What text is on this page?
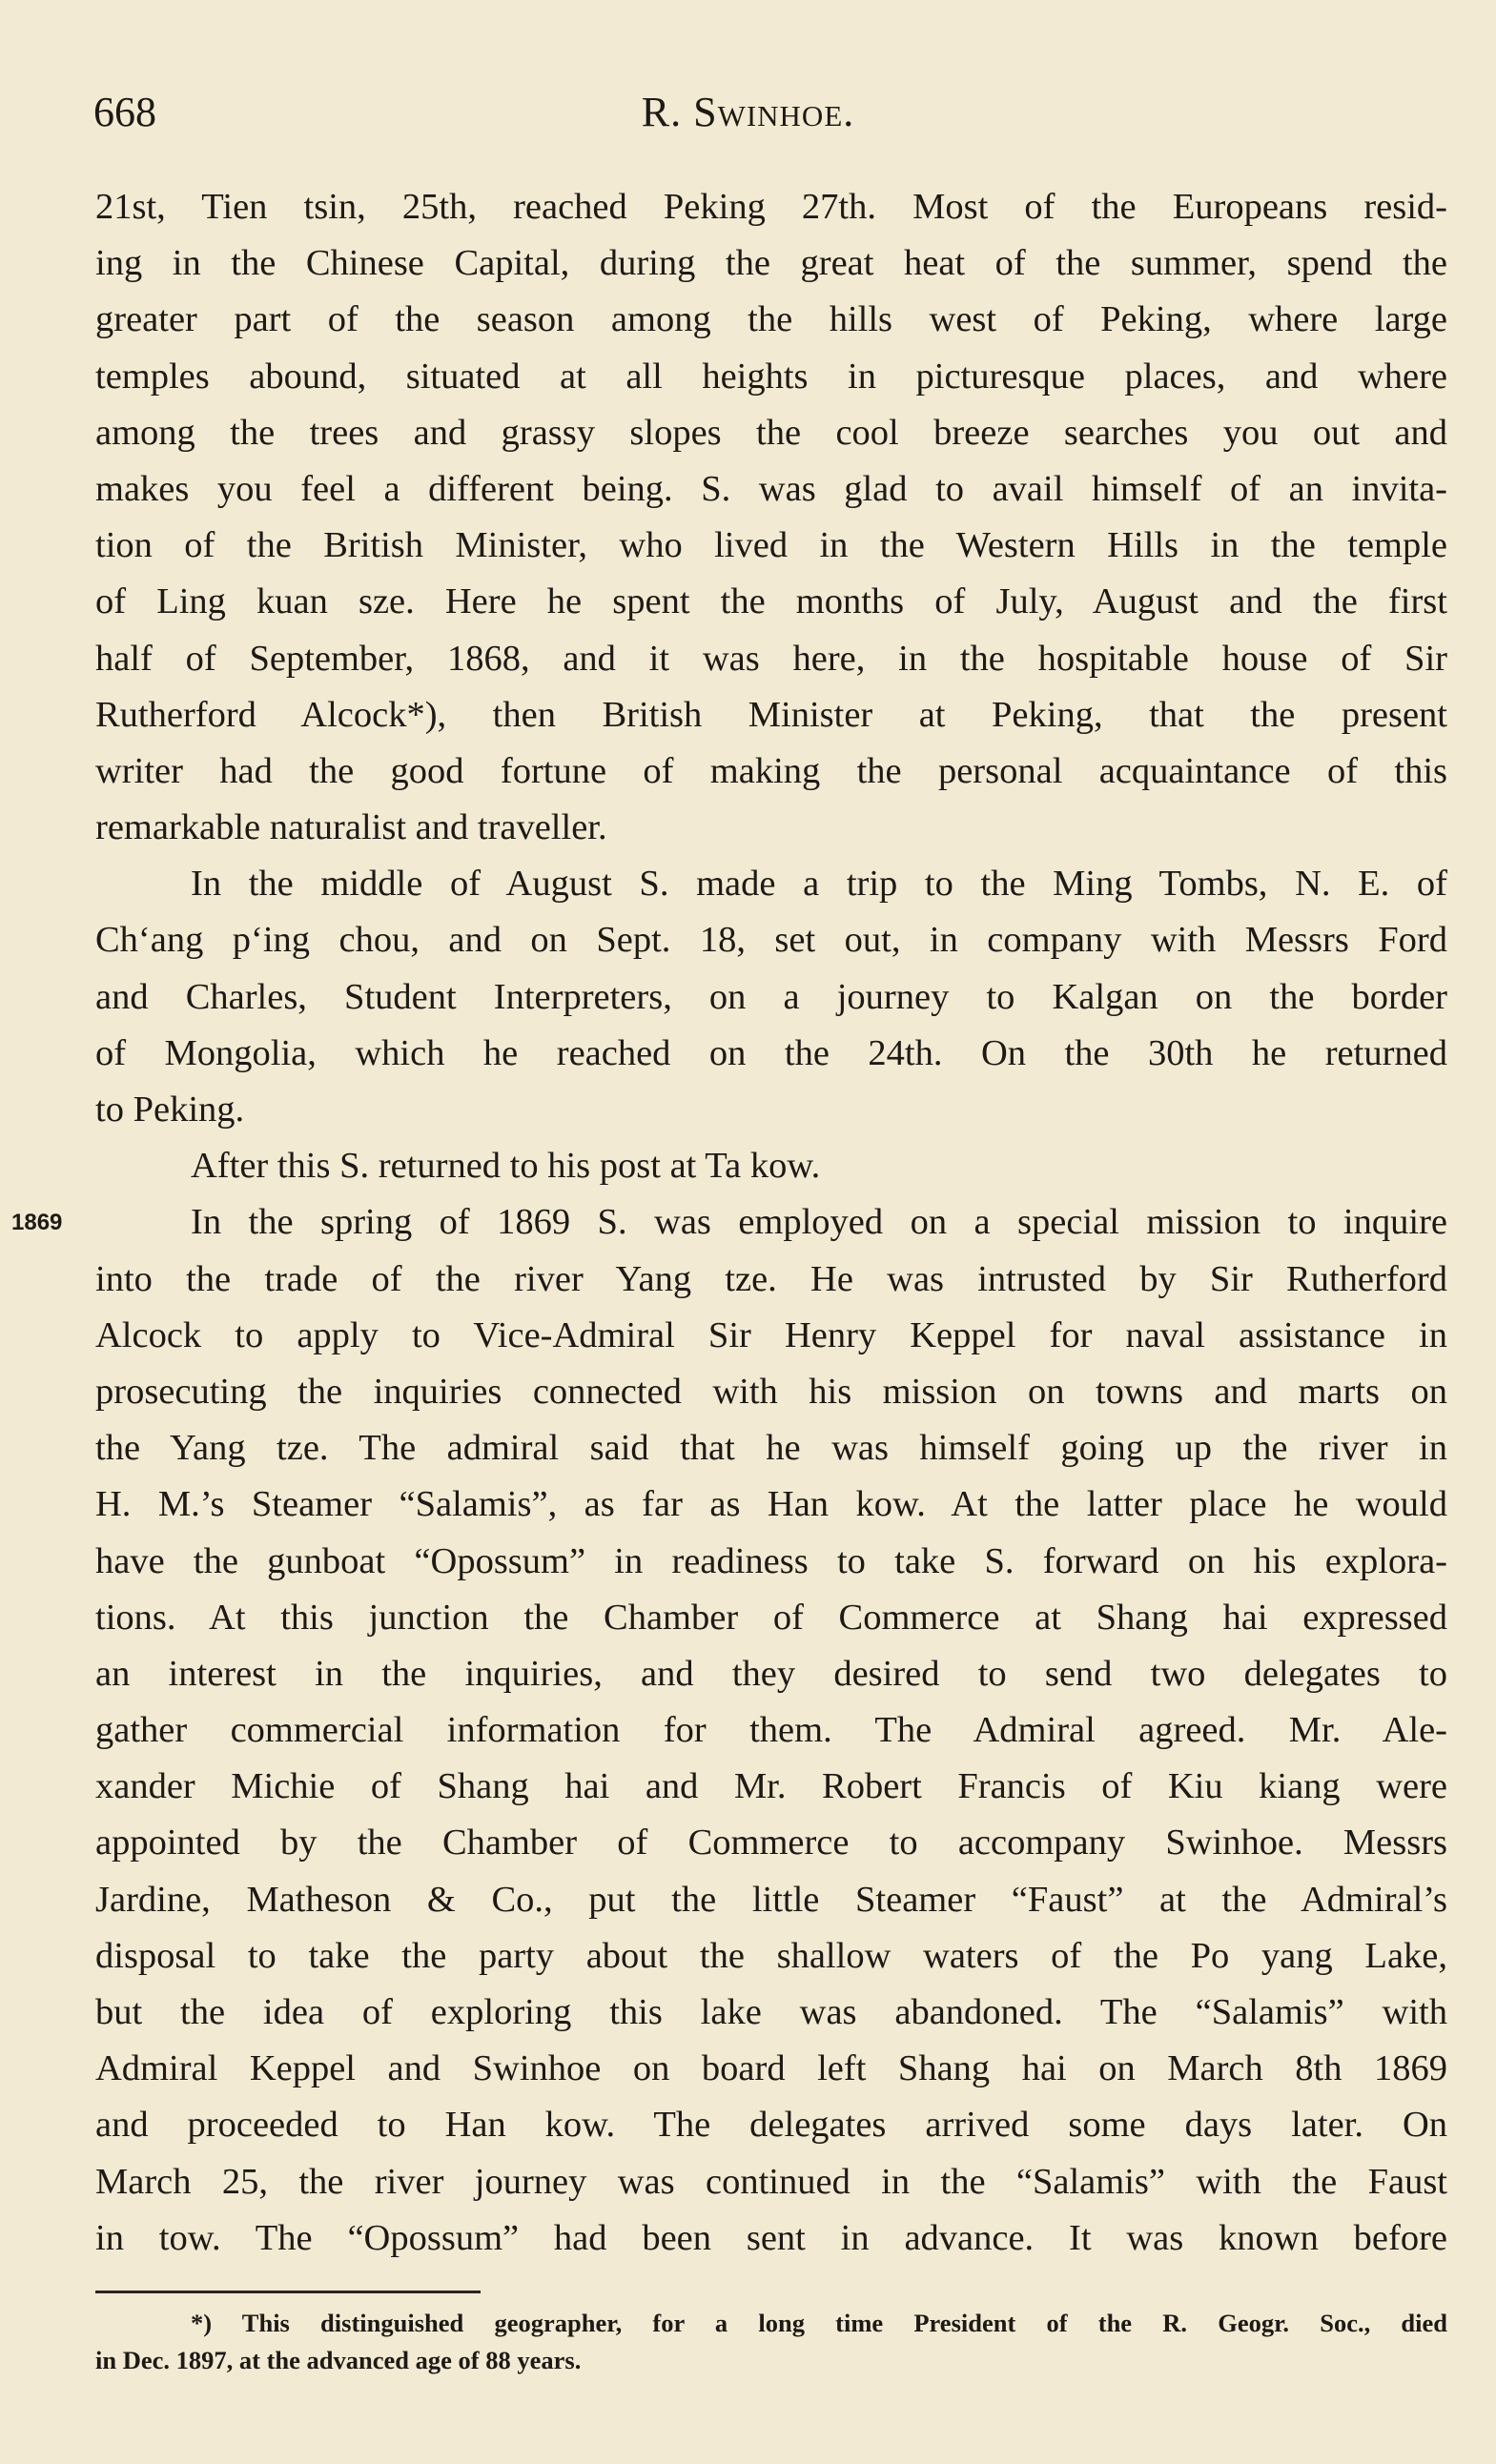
668	R. Swinhoe.
21st, Tien tsin, 25th, reached Peking 27th. Most of the Europeans resid-
ing in the Chinese Capital, during the great heat of the summer, spend the
greater part of the season among the hills west of Peking, where large
temples abound, situated at all heights in picturesque places, and where
among the trees and grassy slopes the cool breeze searches you out and
makes you feel a different being. S. was glad to avail himself of an invita-
tion of the British Minister, who lived in the Western Hills in the temple
of Ling kuan sze. Here he spent the months of July, August and the first
half of September, 1868, and it was here, in the hospitable house of Sir
Rutherford Alcock*), then British Minister at Peking, that the present
writer had the good fortune of making the personal acquaintance of this
remarkable naturalist and traveller.
In the middle of August S. made a trip to the Ming Tombs, N. E. of
Chʻang pʻing chou, and on Sept. 18, set out, in company with Messrs Ford
and Charles, Student Interpreters, on a journey to Kalgan on the border
of Mongolia, which he reached on the 24th. On the 30th he returned
to Peking.
After this S. returned to his post at Ta kow.
1869	In the spring of 1869 S. was employed on a special mission to inquire
into the trade of the river Yang tze. He was intrusted by Sir Rutherford
Alcock to apply to Vice-Admiral Sir Henry Keppel for naval assistance in
prosecuting the inquiries connected with his mission on towns and marts on
the Yang tze. The admiral said that he was himself going up the river in
H. M.’s Steamer “Salamis”, as far as Han kow. At the latter place he would
have the gunboat “Opossum” in readiness to take S. forward on his explora-
tions. At this junction the Chamber of Commerce at Shang hai expressed
an interest in the inquiries, and they desired to send two delegates to
gather commercial information for them. The Admiral agreed. Mr. Ale-
xander Michie of Shang hai and Mr. Robert Francis of Kiu kiang were
appointed by the Chamber of Commerce to accompany Swinhoe. Messrs
Jardine, Matheson & Co., put the little Steamer “Faust” at the Admiral’s
disposal to take the party about the shallow waters of the Po yang Lake,
but the idea of exploring this lake was abandoned. The “Salamis” with
Admiral Keppel and Swinhoe on board left Shang hai on March 8th 1869
and proceeded to Han kow. The delegates arrived some days later. On
March 25, the river journey was continued in the “Salamis” with the Faust
in tow. The “Opossum” had been sent in advance. It was known before
*) This distinguished geographer, for a long time President of the R. Geogr. Soc., died
in Dec. 1897, at the advanced age of 88 years.
